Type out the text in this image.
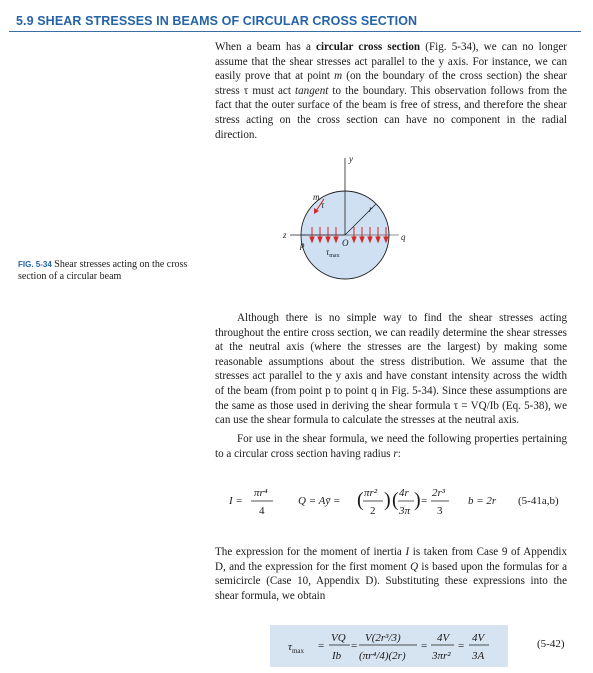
5.9 SHEAR STRESSES IN BEAMS OF CIRCULAR CROSS SECTION

When a beam has a circular cross section (Fig. 5-34), we can no longer assume that the shear stresses act parallel to the y axis. For instance, we can easily prove that at point m (on the boundary of the cross section) the shear stress τ must act tangent to the boundary. This observation follows from the fact that the outer surface of the beam is free of stress, and therefore the shear stress acting on the cross section can have no component in the radial direction.

y
z
m
τ	r
p
q
O
$\tau_{max}$
FIG. 5-34 Shear stresses acting on the cross section of a circular beam

Although there is no simple way to find the shear stresses acting throughout the entire cross section, we can readily determine the shear stresses at the neutral axis (where the stresses are the largest) by making some reasonable assumptions about the stress distribution. We assume that the stresses act parallel to the y axis and have constant intensity across the width of the beam (from point p to point q in Fig. 5-34). Since these assumptions are the same as those used in deriving the shear formula τ = VQ/Ib (Eq. 5-38), we can use the shear formula to calculate the stresses at the neutral axis.

For use in the shear formula, we need the following properties pertaining to a circular cross section having radius r:

I =
πr⁴
4
Q = Aȳ = ( πr²
2 ) ( 4r
3π ) =
2r³
3
b = 2r (5-41a,b)

The expression for the moment of inertia I is taken from Case 9 of Appendix D, and the expression for the first moment Q is based upon the formulas for a semicircle (Case 10, Appendix D). Substituting these expressions into the shear formula, we obtain

$\tau_{max}$ =
VQ
Ib
=
V(2r³/3)
(πr⁴/4)(2r)
=
4V
3πr²
=
4V
3A
(5-42)
